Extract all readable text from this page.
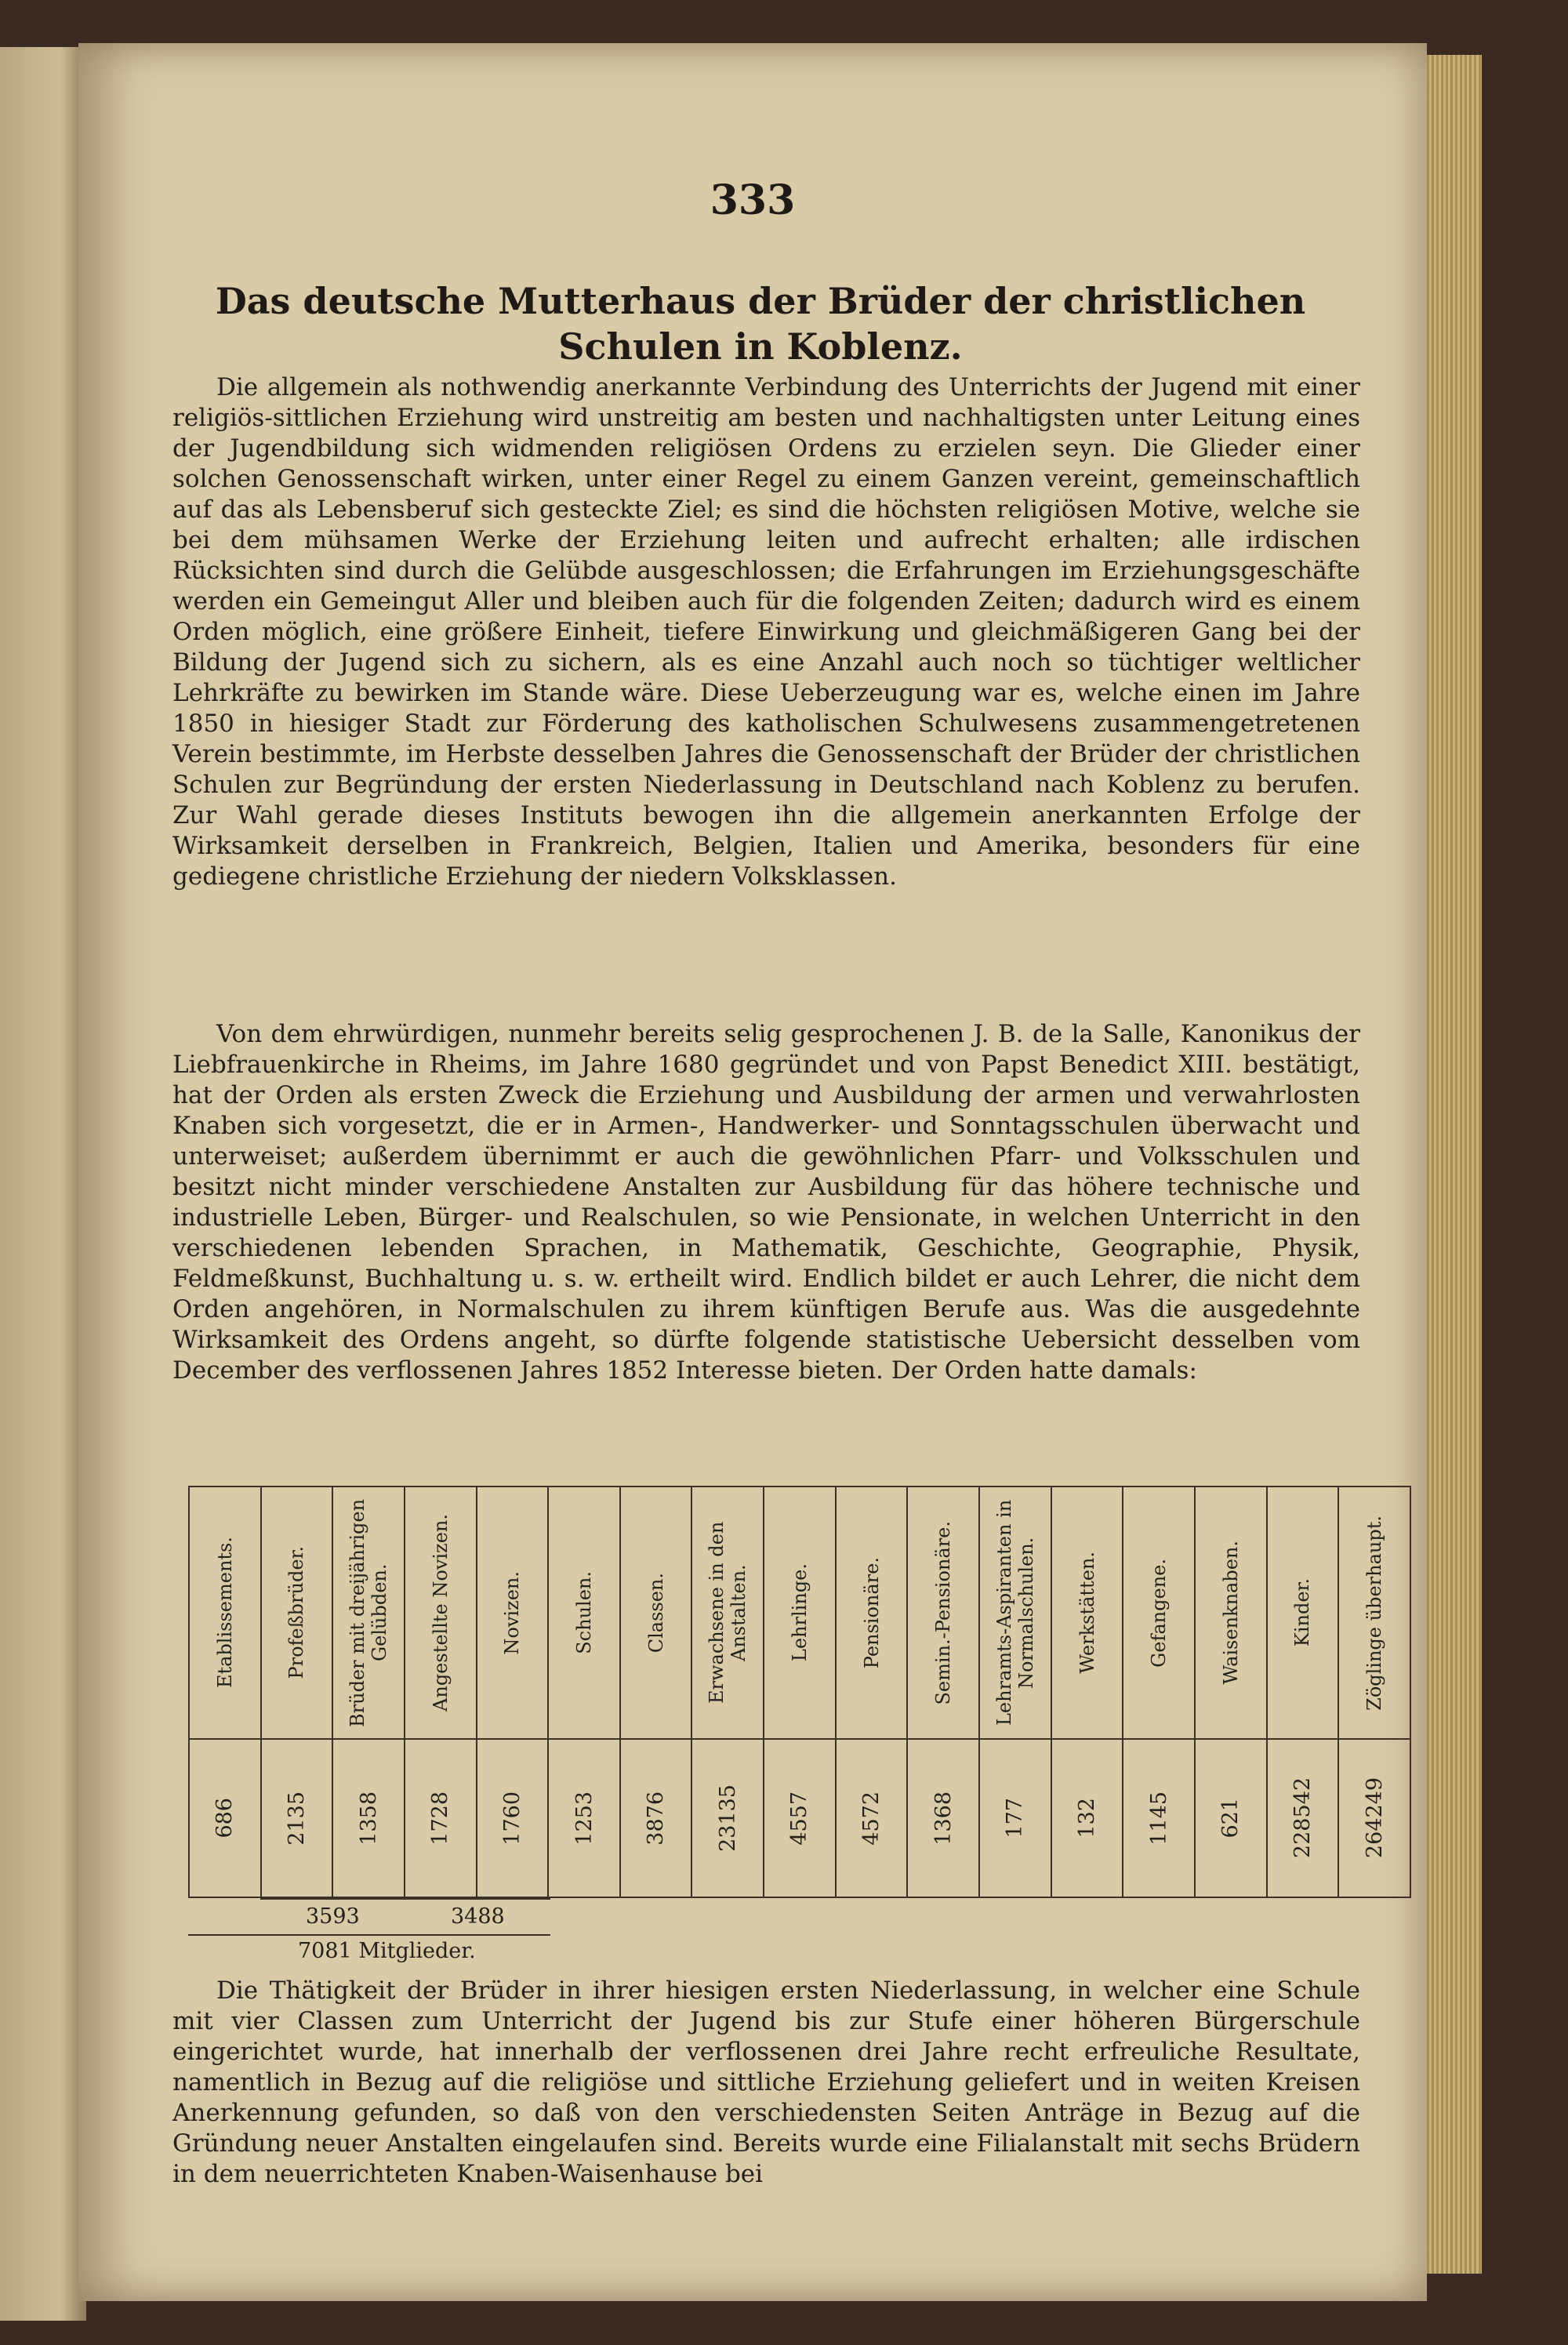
333
Das deutsche Mutterhaus der Brüder der christlichen Schulen in Koblenz.

Die allgemein als nothwendig anerkannte Verbindung des Unterrichts der Jugend mit einer religiös-sittlichen Erziehung wird unstreitig am besten und nachhaltigsten unter Leitung eines der Jugendbildung sich widmenden religiösen Ordens zu erzielen seyn. Die Glieder einer solchen Genossenschaft wirken, unter einer Regel zu einem Ganzen vereint, gemeinschaftlich auf das als Lebensberuf sich gesteckte Ziel; es sind die höchsten religiösen Motive, welche sie bei dem mühsamen Werke der Erziehung leiten und aufrecht erhalten; alle irdischen Rücksichten sind durch die Gelübde ausgeschlossen; die Erfahrungen im Erziehungsgeschäfte werden ein Gemeingut Aller und bleiben auch für die folgenden Zeiten; dadurch wird es einem Orden möglich, eine größere Einheit, tiefere Einwirkung und gleichmäßigeren Gang bei der Bildung der Jugend sich zu sichern, als es eine Anzahl auch noch so tüchtiger weltlicher Lehrkräfte zu bewirken im Stande wäre. Diese Ueberzeugung war es, welche einen im Jahre 1850 in hiesiger Stadt zur Förderung des katholischen Schulwesens zusammengetretenen Verein bestimmte, im Herbste desselben Jahres die Genossenschaft der Brüder der christlichen Schulen zur Begründung der ersten Niederlassung in Deutschland nach Koblenz zu berufen. Zur Wahl gerade dieses Instituts bewogen ihn die allgemein anerkannten Erfolge der Wirksamkeit derselben in Frankreich, Belgien, Italien und Amerika, besonders für eine gediegene christliche Erziehung der niedern Volksklassen.

Von dem ehrwürdigen, nunmehr bereits selig gesprochenen J. B. de la Salle, Kanonikus der Liebfrauenkirche in Rheims, im Jahre 1680 gegründet und von Papst Benedict XIII. bestätigt, hat der Orden als ersten Zweck die Erziehung und Ausbildung der armen und verwahrlosten Knaben sich vorgesetzt, die er in Armen-, Handwerker- und Sonntagsschulen überwacht und unterweiset; außerdem übernimmt er auch die gewöhnlichen Pfarr- und Volksschulen und besitzt nicht minder verschiedene Anstalten zur Ausbildung für das höhere technische und industrielle Leben, Bürger- und Realschulen, so wie Pensionate, in welchen Unterricht in den verschiedenen lebenden Sprachen, in Mathematik, Geschichte, Geographie, Physik, Feldmeßkunst, Buchhaltung u. s. w. ertheilt wird. Endlich bildet er auch Lehrer, die nicht dem Orden angehören, in Normalschulen zu ihrem künftigen Berufe aus. Was die ausgedehnte Wirksamkeit des Ordens angeht, so dürfte folgende statistische Uebersicht desselben vom December des verflossenen Jahres 1852 Interesse bieten. Der Orden hatte damals:

Etablissements.	Profeßbrüder.	Brüder mit dreijährigen Gelübden.	Angestellte Novizen.	Novizen.	Schulen.	Classen.	Erwachsene in den Anstalten.	Lehrlinge.	Pensionäre.	Semin.-Pensionäre.	Lehramts-Aspiranten in Normalschulen.	Werkstätten.	Gefangene.	Waisenknaben.	Kinder.	Zöglinge überhaupt.

686	2135	1358	1728	1760	1253	3876	23135	4557	4572	1368	177	132	1145	621	228542	264249
3593	3488
7081 Mitglieder.

Die Thätigkeit der Brüder in ihrer hiesigen ersten Niederlassung, in welcher eine Schule mit vier Classen zum Unterricht der Jugend bis zur Stufe einer höheren Bürgerschule eingerichtet wurde, hat innerhalb der verflossenen drei Jahre recht erfreuliche Resultate, namentlich in Bezug auf die religiöse und sittliche Erziehung geliefert und in weiten Kreisen Anerkennung gefunden, so daß von den verschiedensten Seiten Anträge in Bezug auf die Gründung neuer Anstalten eingelaufen sind. Bereits wurde eine Filialanstalt mit sechs Brüdern in dem neuerrichteten Knaben-Waisenhause bei
